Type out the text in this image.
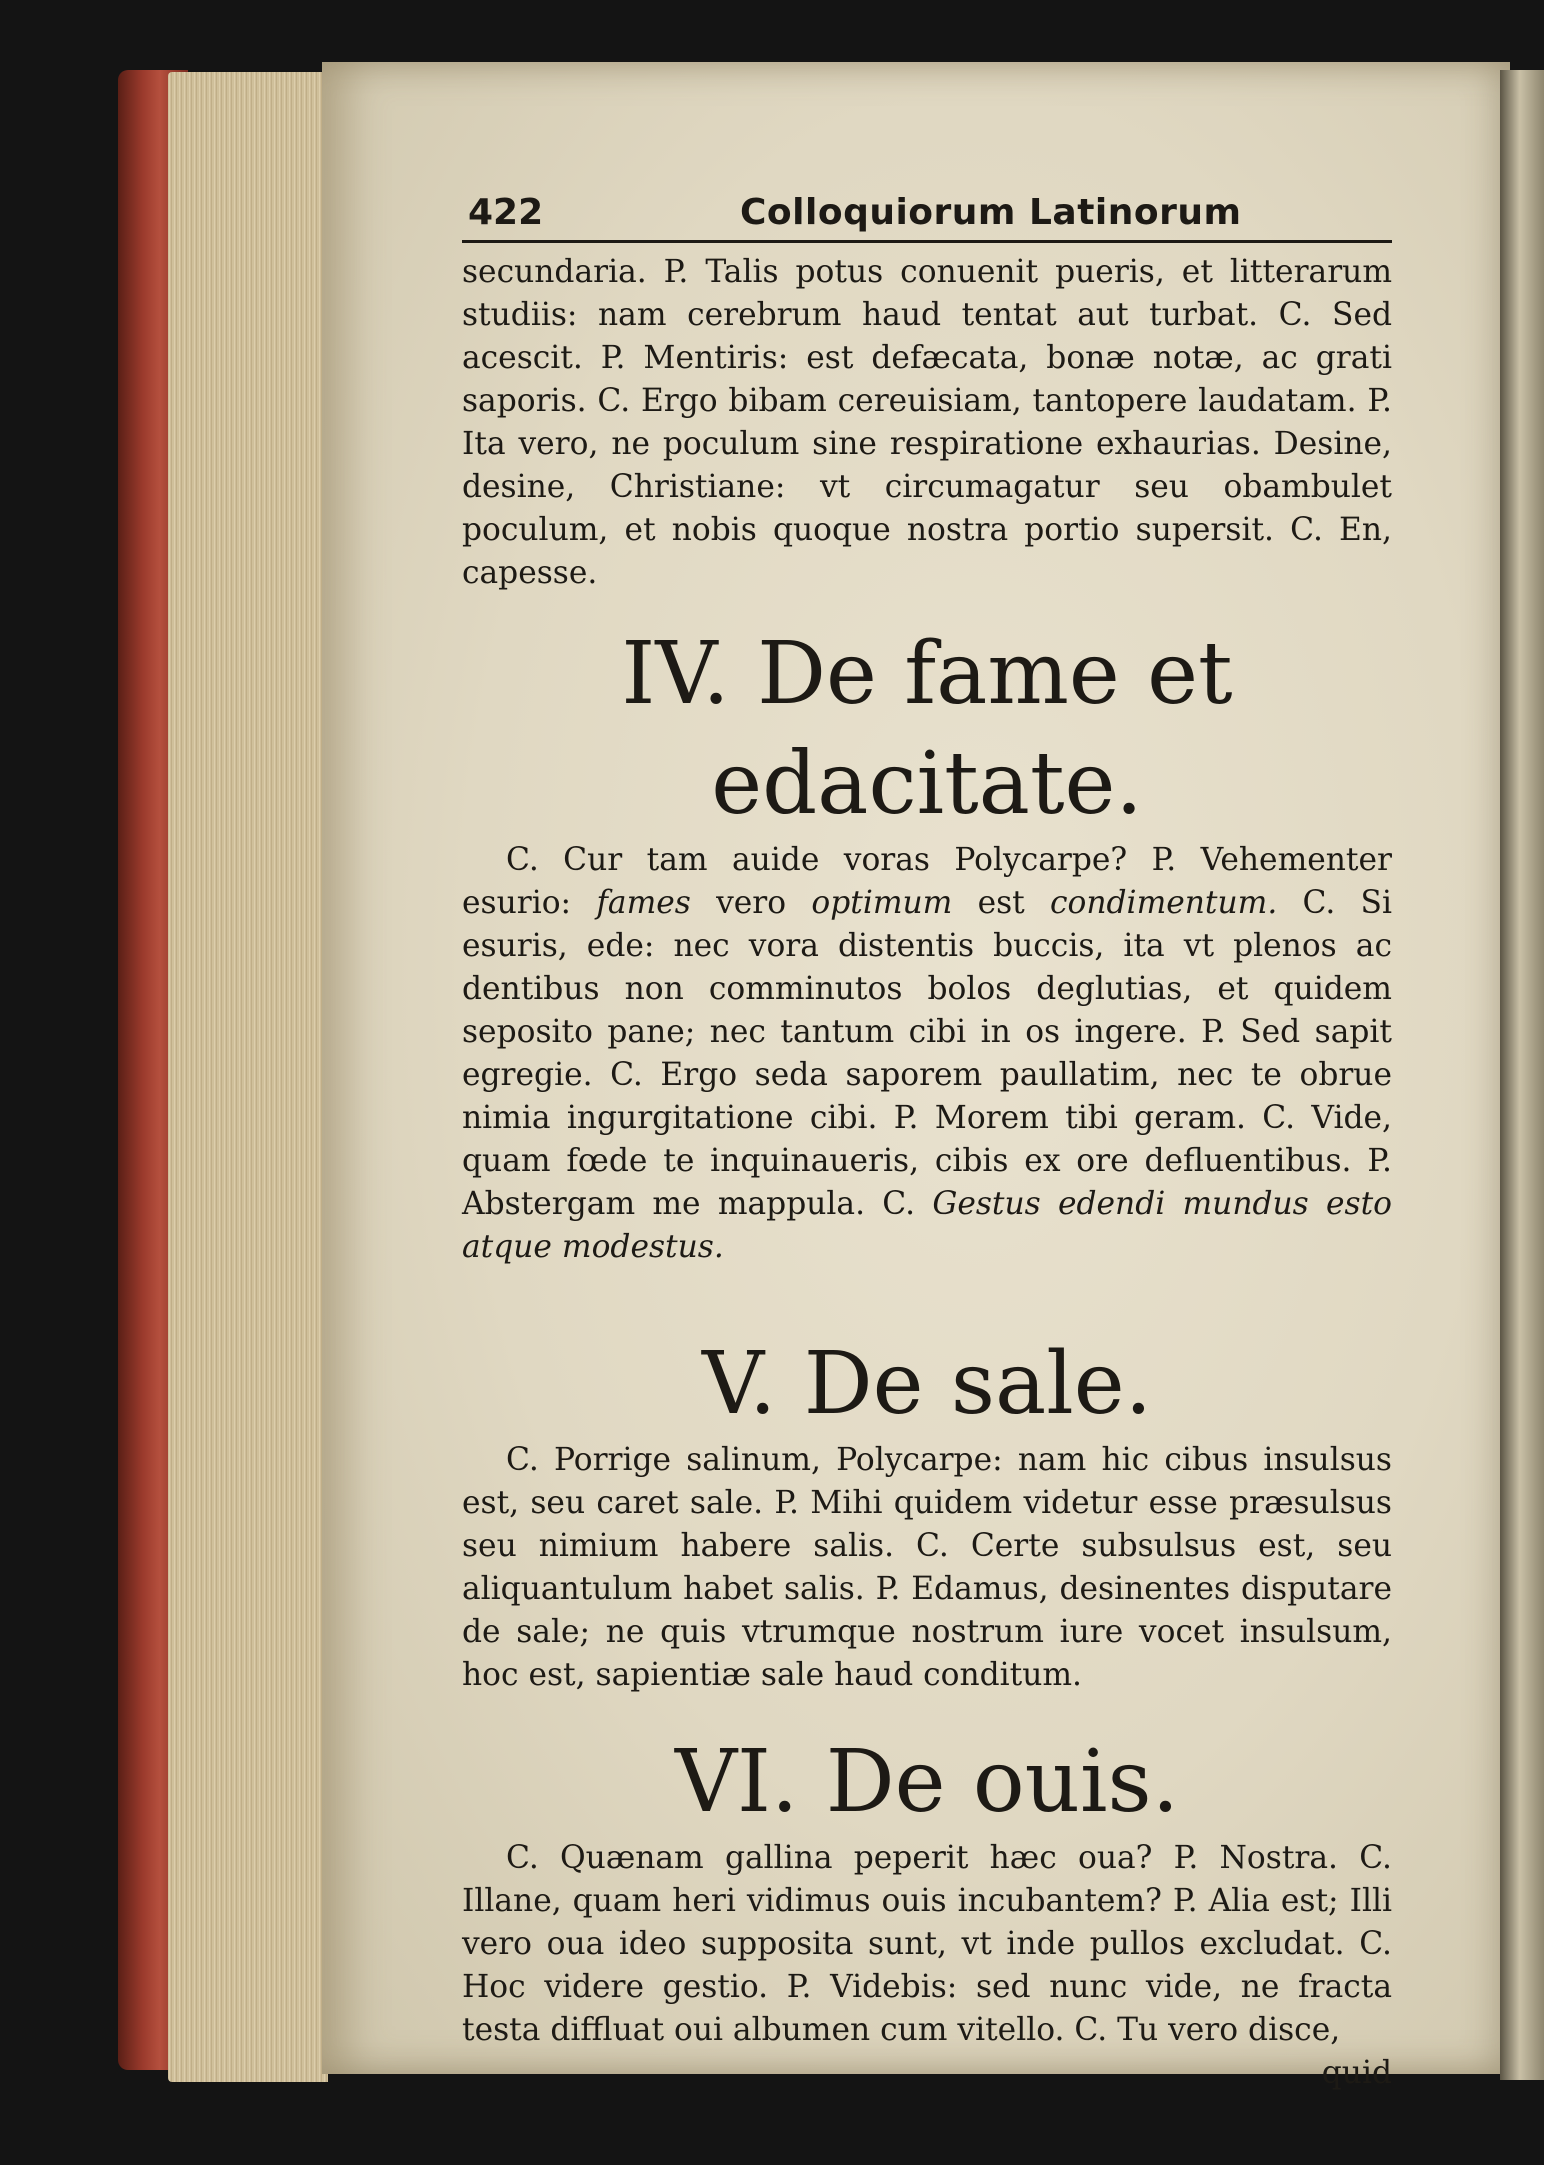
422	Colloquiorum Latinorum

secundaria. P. Talis potus conuenit pueris, et litterarum studiis: nam cerebrum haud tentat aut turbat. C. Sed acescit. P. Mentiris: est defæcata, bonæ notæ, ac grati saporis. C. Ergo bibam cereuisiam, tantopere laudatam. P. Ita vero, ne poculum sine respiratione exhaurias. Desine, desine, Christiane: vt circumagatur seu obambulet poculum, et nobis quoque nostra portio supersit. C. En, capesse.

IV. De fame et edacitate.

C. Cur tam auide voras Polycarpe? P. Vehementer esurio: fames vero optimum est condimentum. C. Si esuris, ede: nec vora distentis buccis, ita vt plenos ac dentibus non comminutos bolos deglutias, et quidem seposito pane; nec tantum cibi in os ingere. P. Sed sapit egregie. C. Ergo seda saporem paullatim, nec te obrue nimia ingurgitatione cibi. P. Morem tibi geram. C. Vide, quam fœde te inquinaueris, cibis ex ore defluentibus. P. Abstergam me mappula. C. Gestus edendi mundus esto atque modestus.

V. De sale.

C. Porrige salinum, Polycarpe: nam hic cibus insulsus est, seu caret sale. P. Mihi quidem videtur esse præsulsus seu nimium habere salis. C. Certe subsulsus est, seu aliquantulum habet salis. P. Edamus, desinentes disputare de sale; ne quis vtrumque nostrum iure vocet insulsum, hoc est, sapientiæ sale haud conditum.

VI. De ouis.

C. Quænam gallina peperit hæc oua? P. Nostra. C. Illane, quam heri vidimus ouis incubantem? P. Alia est; Illi vero oua ideo supposita sunt, vt inde pullos excludat. C. Hoc videre gestio. P. Videbis: sed nunc vide, ne fracta testa diffluat oui albumen cum vitello. C. Tu vero disce,

quid
